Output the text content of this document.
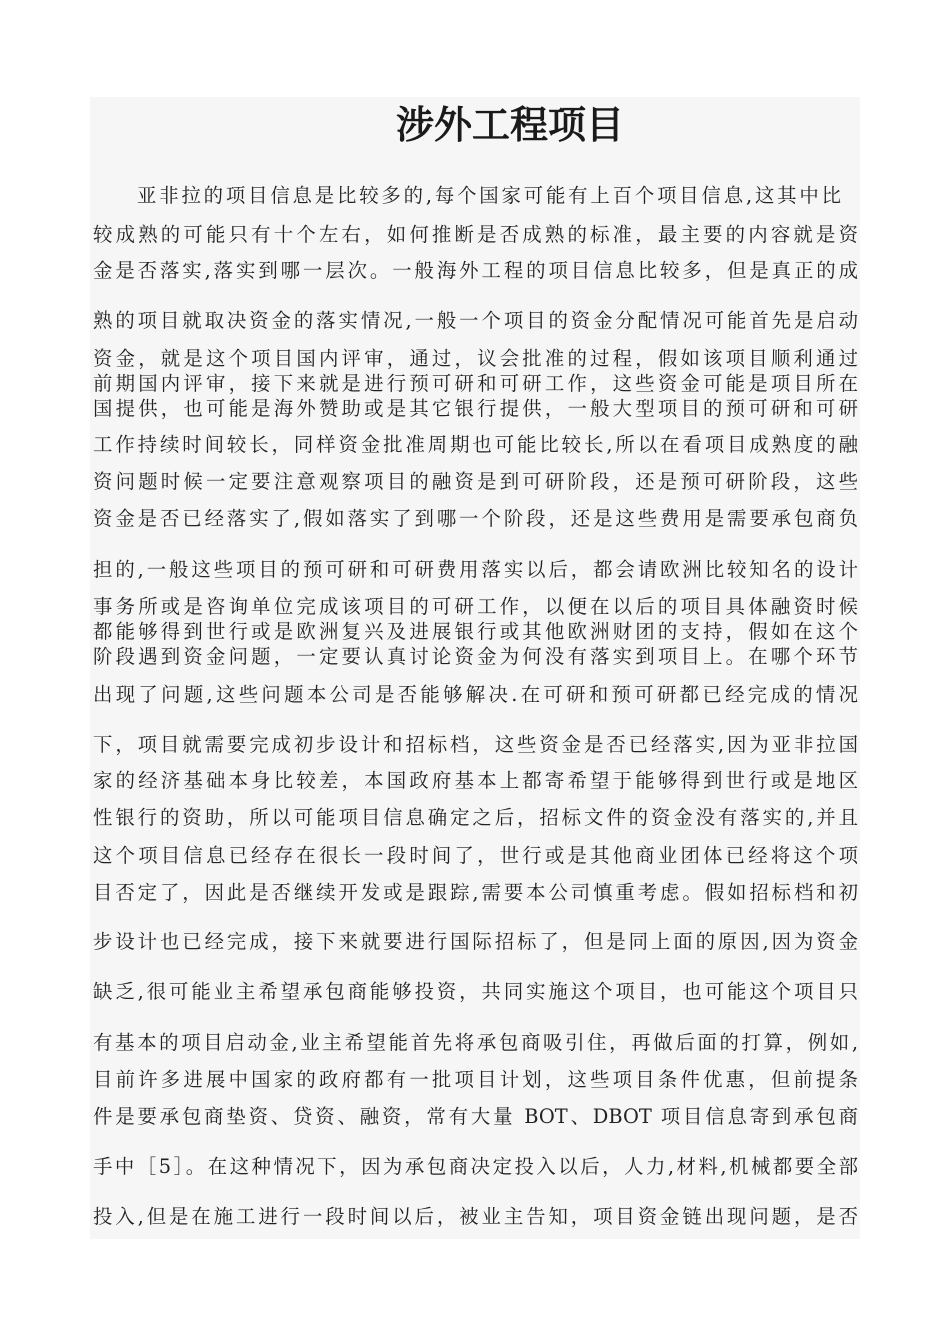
涉外工程项目

亚非拉的项目信息是比较多的,每个国家可能有上百个项目信息,这其中比

较成熟的可能只有十个左右，如何推断是否成熟的标准，最主要的内容就是资

金是否落实,落实到哪一层次。一般海外工程的项目信息比较多，但是真正的成

熟的项目就取决资金的落实情况,一般一个项目的资金分配情况可能首先是启动

资金，就是这个项目国内评审，通过，议会批准的过程，假如该项目顺利通过

前期国内评审，接下来就是进行预可研和可研工作，这些资金可能是项目所在

国提供，也可能是海外赞助或是其它银行提供，一般大型项目的预可研和可研

工作持续时间较长，同样资金批准周期也可能比较长,所以在看项目成熟度的融

资问题时候一定要注意观察项目的融资是到可研阶段，还是预可研阶段，这些

资金是否已经落实了,假如落实了到哪一个阶段，还是这些费用是需要承包商负

担的,一般这些项目的预可研和可研费用落实以后，都会请欧洲比较知名的设计

事务所或是咨询单位完成该项目的可研工作，以便在以后的项目具体融资时候

都能够得到世行或是欧洲复兴及进展银行或其他欧洲财团的支持，假如在这个

阶段遇到资金问题，一定要认真讨论资金为何没有落实到项目上。在哪个环节

出现了问题,这些问题本公司是否能够解决.在可研和预可研都已经完成的情况

下，项目就需要完成初步设计和招标档，这些资金是否已经落实,因为亚非拉国

家的经济基础本身比较差，本国政府基本上都寄希望于能够得到世行或是地区

性银行的资助，所以可能项目信息确定之后，招标文件的资金没有落实的,并且

这个项目信息已经存在很长一段时间了，世行或是其他商业团体已经将这个项

目否定了，因此是否继续开发或是跟踪,需要本公司慎重考虑。假如招标档和初

步设计也已经完成，接下来就要进行国际招标了，但是同上面的原因,因为资金

缺乏,很可能业主希望承包商能够投资，共同实施这个项目，也可能这个项目只

有基本的项目启动金,业主希望能首先将承包商吸引住，再做后面的打算，例如,

目前许多进展中国家的政府都有一批项目计划，这些项目条件优惠，但前提条

件是要承包商垫资、贷资、融资，常有大量 BOT、DBOT 项目信息寄到承包商

手中［5］。在这种情况下，因为承包商决定投入以后，人力,材料,机械都要全部

投入,但是在施工进行一段时间以后，被业主告知，项目资金链出现问题，是否
